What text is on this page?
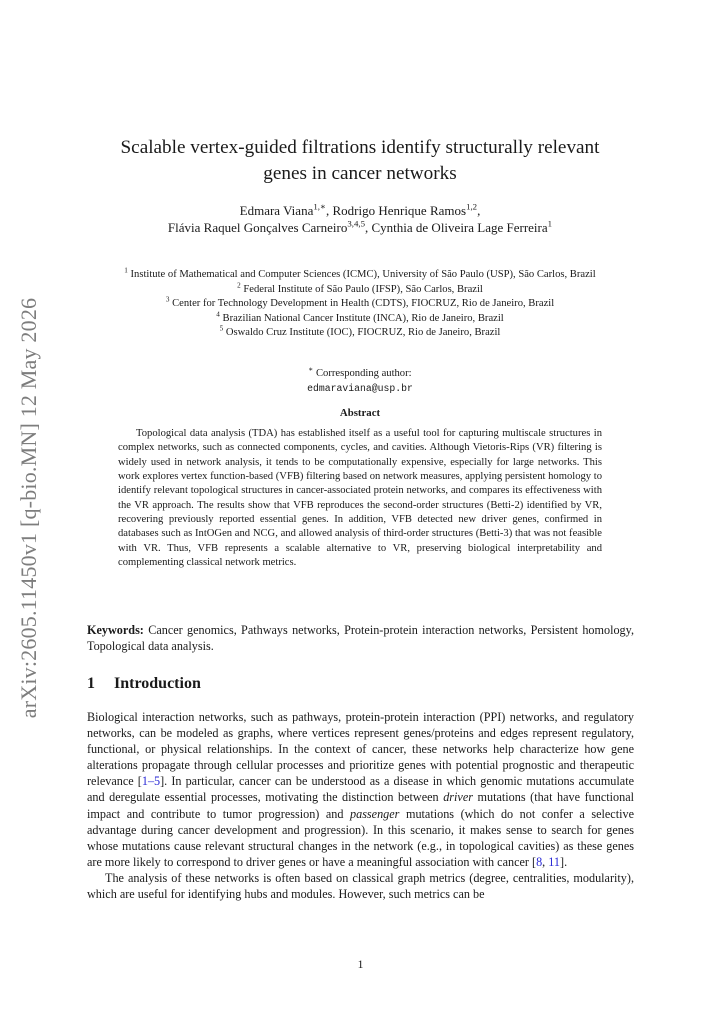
arXiv:2605.11450v1 [q-bio.MN] 12 May 2026
Scalable vertex-guided filtrations identify structurally relevant
genes in cancer networks
Edmara Viana$^{1,∗}$, Rodrigo Henrique Ramos$^{1,2}$,
Flávia Raquel Gonçalves Carneiro$^{3,4,5}$, Cynthia de Oliveira Lage Ferreira$^1$
$^1$ Institute of Mathematical and Computer Sciences (ICMC), University of São Paulo (USP), São Carlos, Brazil
$^2$ Federal Institute of São Paulo (IFSP), São Carlos, Brazil
$^3$ Center for Technology Development in Health (CDTS), FIOCRUZ, Rio de Janeiro, Brazil
$^4$ Brazilian National Cancer Institute (INCA), Rio de Janeiro, Brazil
$^5$ Oswaldo Cruz Institute (IOC), FIOCRUZ, Rio de Janeiro, Brazil
∗ Corresponding author:
edmaraviana@usp.br
Abstract
Topological data analysis (TDA) has established itself as a useful tool for capturing multiscale structures in complex networks, such as connected components, cycles, and cavities. Although Vietoris-Rips (VR) filtering is widely used in network analysis, it tends to be computationally expensive, especially for large networks. This work explores vertex function-based (VFB) filtering based on network measures, applying persistent homology to identify relevant topological structures in cancer-associated protein networks, and compares its effectiveness with the VR approach. The results show that VFB reproduces the second-order structures (Betti-2) identified by VR, recovering previously reported essential genes. In addition, VFB detected new driver genes, confirmed in databases such as IntOGen and NCG, and allowed analysis of third-order structures (Betti-3) that was not feasible with VR. Thus, VFB represents a scalable alternative to VR, preserving biological interpretability and complementing classical network metrics.
Keywords: Cancer genomics, Pathways networks, Protein-protein interaction networks, Persistent homology, Topological data analysis.
1 Introduction

Biological interaction networks, such as pathways, protein-protein interaction (PPI) networks, and regulatory networks, can be modeled as graphs, where vertices represent genes/proteins and edges represent regulatory, functional, or physical relationships. In the context of cancer, these networks help characterize how gene alterations propagate through cellular processes and prioritize genes with potential prognostic and therapeutic relevance [1–5]. In particular, cancer can be understood as a disease in which genomic mutations accumulate and deregulate essential processes, motivating the distinction between driver mutations (that have functional impact and contribute to tumor progression) and passenger mutations (which do not confer a selective advantage during cancer development and progression). In this scenario, it makes sense to search for genes whose mutations cause relevant structural changes in the network (e.g., in topological cavities) as these genes are more likely to correspond to driver genes or have a meaningful association with cancer [8, 11].

The analysis of these networks is often based on classical graph metrics (degree, centralities, modularity), which are useful for identifying hubs and modules. However, such metrics can be

1
